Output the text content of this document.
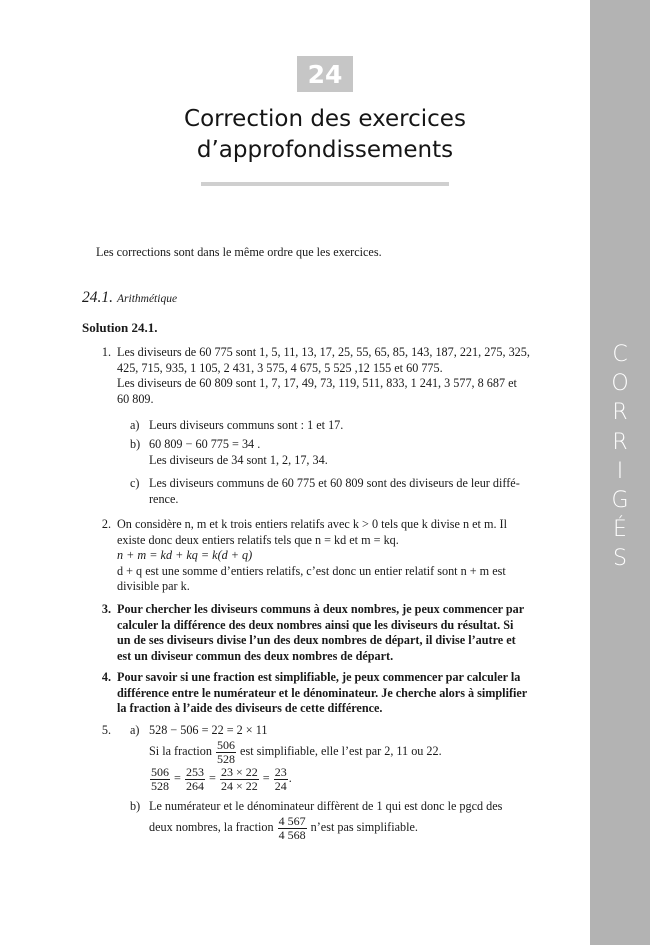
C
O
R
R
I
G
É
S
24
Correction des exercices
d’approfondissements
Les corrections sont dans le même ordre que les exercices.
24.1. Arithmétique
Solution 24.1.
1. Les diviseurs de 60 775 sont 1, 5, 11, 13, 17, 25, 55, 65, 85, 143, 187, 221, 275, 325,
425, 715, 935, 1 105, 2 431, 3 575, 4 675, 5 525 ,12 155 et 60 775.
Les diviseurs de 60 809 sont 1, 7, 17, 49, 73, 119, 511, 833, 1 241, 3 577, 8 687 et
60 809.
a) Leurs diviseurs communs sont : 1 et 17.
b) 60 809 − 60 775 = 34 .
Les diviseurs de 34 sont 1, 2, 17, 34.
c) Les diviseurs communs de 60 775 et 60 809 sont des diviseurs de leur diffé-
rence.
2. On considère n, m et k trois entiers relatifs avec k > 0 tels que k divise n et m. Il
existe donc deux entiers relatifs tels que n = kd et m = kq.
n + m = kd + kq = k(d + q)
d + q est une somme d’entiers relatifs, c’est donc un entier relatif sont n + m est
divisible par k.
3. Pour chercher les diviseurs communs à deux nombres, je peux commencer par
calculer la différence des deux nombres ainsi que les diviseurs du résultat. Si
un de ses diviseurs divise l’un des deux nombres de départ, il divise l’autre et
est un diviseur commun des deux nombres de départ.
4. Pour savoir si une fraction est simplifiable, je peux commencer par calculer la
différence entre le numérateur et le dénominateur. Je cherche alors à simplifier
la fraction à l’aide des diviseurs de cette différence.
5. a) 528 − 506 = 22 = 2 × 11
Si la fraction $\frac{506}{528}$ est simplifiable, elle l’est par 2, 11 ou 22.
$\frac{506}{528} = \frac{253}{264} = \frac{23 \times 22}{24 \times 22} = \frac{23}{24}$ .
b) Le numérateur et le dénominateur diffèrent de 1 qui est donc le pgcd des
deux nombres, la fraction $\frac{4 567}{4 568}$ n’est pas simplifiable.
